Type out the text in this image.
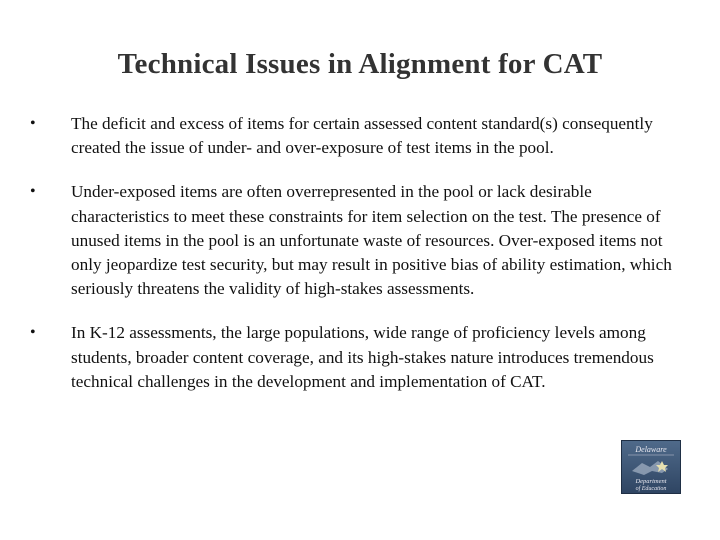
Technical Issues in Alignment for CAT
• The deficit and excess of items for certain assessed content standard(s) consequently created the issue of under- and over-exposure of test items in the pool.
• Under-exposed items are often overrepresented in the pool or lack desirable characteristics to meet these constraints for item selection on the test. The presence of unused items in the pool is an unfortunate waste of resources. Over-exposed items not only jeopardize test security, but may result in positive bias of ability estimation, which seriously threatens the validity of high-stakes assessments.
• In K-12 assessments, the large populations, wide range of proficiency levels among students, broader content coverage, and its high-stakes nature introduces tremendous technical challenges in the development and implementation of CAT.
Delaware
Department
of Education
